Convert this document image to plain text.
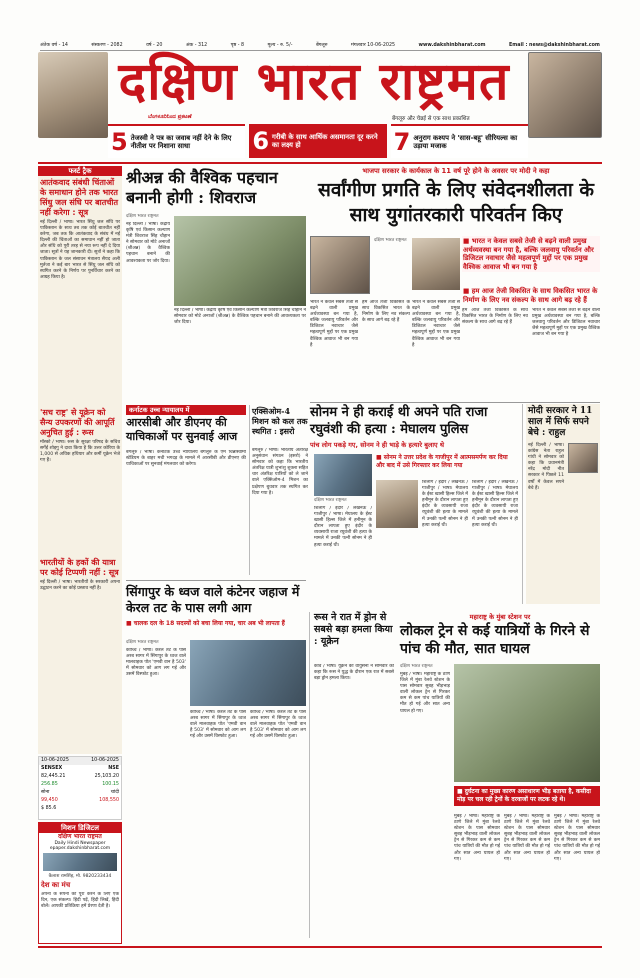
अंतेक वर्ष - 14	संस्करण - 2082	वर्ष - 20	अंक - 312	पृष्ठ - 8	मूल्य - रु. 5/-	बेंगलूरु	मंगलवार 10-06-2025	www.dakshinbharat.com	Email : news@dakshinbharat.com
दक्षिण भारत राष्ट्रमत
ಬೆಂಗಳೂರಿನಿಂದ ಪ್ರಕಟಣೆ	बेंगलूरु और चेन्नई से एक साथ प्रकाशित
5 तेजस्वी ने पत्र का जवाब नहीं देने के लिए नीतीश पर निशाना साधा	6 गरीबी के साथ आर्थिक असमानता दूर करने का लक्ष्य हो	7 अनुराग कश्यप ने 'सास-बहू' सीरियल्स का उड़ाया मजाक
फर्स्ट ट्रैक
आतंकवाद संबंधी चिंताओं के समाधान होने तक भारत सिंधु जल संधि पर बातचीत नहीं करेगा : सूत्र
नई दिल्ली / भाषा। भारत सिंधु जल संधि पर पाकिस्तान के साथ तब तक कोई बातचीत नहीं करेगा, जब तक कि आतंकवाद के संबंध में नई दिल्ली की चिंताओं का समाधान नहीं हो जाता और संधि को पूरी तरह से नया रूप नहीं दे दिया जाता। सूत्रों ने यह जानकारी दी। सूत्रों ने कहा कि पाकिस्तान के जल संसाधन मंत्रालय सैयद अली मुर्तजा ने कई बार भारत से सिंधु जल संधि को स्थगित करने के निर्णय पर पुनर्विचार करने का आग्रह किया है।
'सच राष्ट्र' से यूक्रेन को सैन्य उपकरणों की आपूर्ति अनुचित हुई : रूस
मॉस्को / भाषा। रूस के सुरक्षा परिषद के सचिव सर्गेई शोइगु ने दावा किया है कि उत्तर कोरिया के 1,000 से अधिक हथियार और कर्मी यूक्रेन भेजे गए हैं।
भारतीयों के हकों की यात्रा पर कोई टिप्पणी नहीं : सूत्र
नई दिल्ली / भाषा। भारतीयों के सरकारी अपना उद्घाटन करने का कोई प्रस्ताव नहीं है।
10-06-2025	10-06-2025
SENSEX	NSE
82,445.21	25,103.20
256.85	100.15
सोना	चांदी
99,450	108,550
$ 85.6
मिशन डिजिटल
दक्षिण भारत राष्ट्रमत
Daily Hindi Newspaper
epaper.dakshinbharat.com
कैलाश रामशिंह, मो. 9820233434
देश का मंच
अपनों के सपनों को पूरा करने के लिए एक दिन, एक संकल्प। हिंदी पढ़ें, हिंदी लिखें, हिंदी बोलें। आपकी प्रतिक्रिया हमें प्रेरणा देती है।
श्रीअन्न की वैश्विक पहचान बनानी होगी : शिवराज
दक्षिण भारत राष्ट्रमत
नई दिल्ली / भाषा। केंद्रीय कृषि एवं किसान कल्याण मंत्री शिवराज सिंह चौहान ने सोमवार को मोटे अनाजों (श्रीअन्न) के वैश्विक पहचान बनाने की आवश्यकता पर जोर दिया।
नई दिल्ली / भाषा। केंद्रीय कृषि एवं किसान कल्याण मंत्री शिवराज सिंह चौहान ने सोमवार को मोटे अनाजों (श्रीअन्न) के वैश्विक पहचान बनाने की आवश्यकता पर जोर दिया।
कर्नाटक उच्च न्यायालय में
आरसीबी और डीएनए की याचिकाओं पर सुनवाई आज
बेंगलूरु / भाषा। कर्नाटक उच्च न्यायालय बेंगलूरु के एम चिन्नास्वामी स्टेडियम के बाहर मची भगदड़ के मामले में आरसीबी और डीएनए की याचिकाओं पर सुनवाई मंगलवार को करेगा।
एक्सिओम-4 मिशन को कल तक स्थगित : इसरो
बेंगलूरु / भाषा। भारतीय अंतरिक्ष अनुसंधान संगठन (इसरो) ने सोमवार को कहा कि भारतीय अंतरिक्ष यात्री शुभांशु शुक्ला सहित चार अंतरिक्ष यात्रियों को ले जाने वाले एक्सिओम-4 मिशन का प्रक्षेपण बुधवार तक स्थगित कर दिया गया है।
भाजपा सरकार के कार्यकाल के 11 वर्ष पूरे होने के अवसर पर मोदी ने कहा
सर्वांगीण प्रगति के लिए संवेदनशीलता के साथ युगांतरकारी परिवर्तन किए
दक्षिण भारत राष्ट्रमत
भारत न केवल सबसे तेजी से बढ़ने वाली प्रमुख अर्थव्यवस्था बन गया है, बल्कि जलवायु परिवर्तन और डिजिटल नवाचार जैसे महत्वपूर्ण मुद्दों पर एक प्रमुख वैश्विक आवाज भी बन गया है
हम आज तेजी विकसित के साथ विकसित भारत के निर्माण के लिए नव संकल्प के साथ आगे बढ़ रहे हैं
भारत न केवल सबसे तेजी से बढ़ने वाली प्रमुख अर्थव्यवस्था बन गया है, बल्कि जलवायु परिवर्तन और डिजिटल नवाचार जैसे महत्वपूर्ण मुद्दों पर एक प्रमुख वैश्विक आवाज भी बन गया है
■ भारत न केवल सबसे तेजी से बढ़ने वाली प्रमुख अर्थव्यवस्था बन गया है, बल्कि जलवायु परिवर्तन और डिजिटल नवाचार जैसे महत्वपूर्ण मुद्दों पर एक प्रमुख वैश्विक आवाज भी बन गया है
■ हम आज तेजी विकसित के साथ विकसित भारत के निर्माण के लिए नव संकल्प के साथ आगे बढ़ रहे हैं
हम आज तेजी विकसित के साथ विकसित भारत के निर्माण के लिए नव संकल्प के साथ आगे बढ़ रहे हैं
भारत न केवल सबसे तेजी से बढ़ने वाली प्रमुख अर्थव्यवस्था बन गया है, बल्कि जलवायु परिवर्तन और डिजिटल नवाचार जैसे महत्वपूर्ण मुद्दों पर एक प्रमुख वैश्विक आवाज भी बन गया है
सोनम ने ही कराई थी अपने पति राजा रघुवंशी की हत्या : मेघालय पुलिस
पांच लोग पकड़े गए, सोनम ने ही भाड़े के हत्यारे बुलाए थे
दक्षिण भारत राष्ट्रमत
शिलांग / इंदौर / लखनऊ / गाजीपुर / भाषा। मेघालय के ईस्ट खासी हिल्स जिले में हनीमून के दौरान लापता हुए इंदौर के व्यवसायी राजा रघुवंशी की हत्या के मामले में उनकी पत्नी सोनम ने ही हत्या कराई थी।
■ सोनम ने उत्तर प्रदेश के गाजीपुर में आत्मसमर्पण कर दिया और बाद में उसे गिरफ्तार कर लिया गया
शिलांग / इंदौर / लखनऊ / गाजीपुर / भाषा। मेघालय के ईस्ट खासी हिल्स जिले में हनीमून के दौरान लापता हुए इंदौर के व्यवसायी राजा रघुवंशी की हत्या के मामले में उनकी पत्नी सोनम ने ही हत्या कराई थी।
शिलांग / इंदौर / लखनऊ / गाजीपुर / भाषा। मेघालय के ईस्ट खासी हिल्स जिले में हनीमून के दौरान लापता हुए इंदौर के व्यवसायी राजा रघुवंशी की हत्या के मामले में उनकी पत्नी सोनम ने ही हत्या कराई थी।
मोदी सरकार ने 11 साल में सिर्फ सपने बेचे : राहुल
नई दिल्ली / भाषा। कांग्रेस नेता राहुल गांधी ने सोमवार को कहा कि प्रधानमंत्री नरेंद्र मोदी नीत सरकार ने पिछले 11 वर्षों में केवल सपने बेचे हैं।
सिंगापुर के ध्वज वाले कंटेनर जहाज में केरल तट के पास लगी आग
■ चालक दल के 18 सदस्यों को बचा लिया गया, चार अब भी लापता हैं
दक्षिण भारत राष्ट्रमत
कोच्चि / भाषा। केरल तट के पास अरब सागर में सिंगापुर के ध्वज वाले मालवाहक पोत 'एमवी वान है 503' में सोमवार को आग लग गई और उसमें विस्फोट हुआ।
कोच्चि / भाषा। केरल तट के पास अरब सागर में सिंगापुर के ध्वज वाले मालवाहक पोत 'एमवी वान है 503' में सोमवार को आग लग गई और उसमें विस्फोट हुआ।
कोच्चि / भाषा। केरल तट के पास अरब सागर में सिंगापुर के ध्वज वाले मालवाहक पोत 'एमवी वान है 503' में सोमवार को आग लग गई और उसमें विस्फोट हुआ।
रूस ने रात में ड्रोन से सबसे बड़ा हमला किया : यूक्रेन
कीव / भाषा। यूक्रेन की वायुसेना ने सोमवार को कहा कि रूस ने युद्ध के दौरान एक रात में सबसे बड़ा ड्रोन हमला किया।
महाराष्ट्र के मुंबा स्टेशन पर
लोकल ट्रेन से कई यात्रियों के गिरने से पांच की मौत, सात घायल
दक्षिण भारत राष्ट्रमत
मुंबई / भाषा। महाराष्ट्र के ठाणे जिले में मुंबा रेलवे स्टेशन के पास सोमवार सुबह भीड़भाड़ वाली लोकल ट्रेन से गिरकर कम से कम पांच यात्रियों की मौत हो गई और सात अन्य घायल हो गए।
■ दुर्घटना का मुख्य कारण असाधारण भीड़ बताया है, कसीदा मोड़ पर चल रही ट्रेनों के दरवाजों पर लटक रहे थे।
मुंबई / भाषा। महाराष्ट्र के ठाणे जिले में मुंबा रेलवे स्टेशन के पास सोमवार सुबह भीड़भाड़ वाली लोकल ट्रेन से गिरकर कम से कम पांच यात्रियों की मौत हो गई और सात अन्य घायल हो गए।
मुंबई / भाषा। महाराष्ट्र के ठाणे जिले में मुंबा रेलवे स्टेशन के पास सोमवार सुबह भीड़भाड़ वाली लोकल ट्रेन से गिरकर कम से कम पांच यात्रियों की मौत हो गई और सात अन्य घायल हो गए।
मुंबई / भाषा। महाराष्ट्र के ठाणे जिले में मुंबा रेलवे स्टेशन के पास सोमवार सुबह भीड़भाड़ वाली लोकल ट्रेन से गिरकर कम से कम पांच यात्रियों की मौत हो गई और सात अन्य घायल हो गए।
